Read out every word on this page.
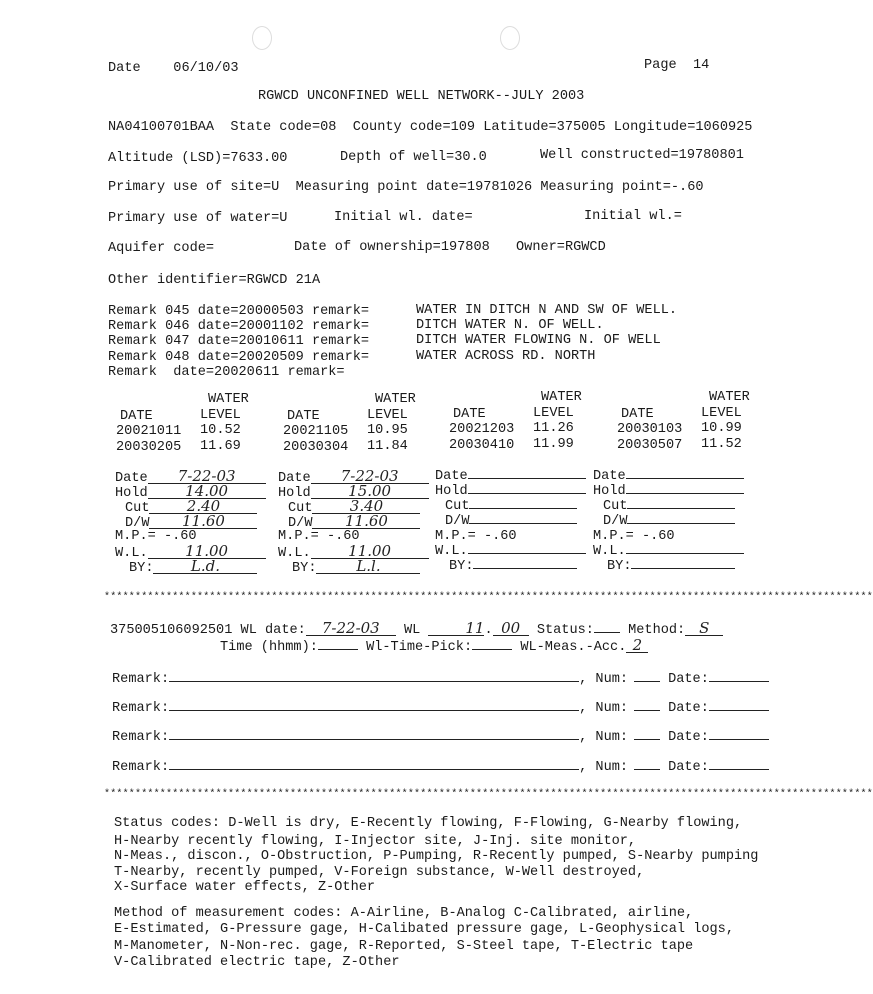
Date 06/10/03	Page 14
RGWCD UNCONFINED WELL NETWORK--JULY 2003
NA04100701BAA  State code=08  County code=109 Latitude=375005 Longitude=1060925
Altitude (LSD)=7633.00	Depth of well=30.0	Well constructed=19780801
Primary use of site=U  Measuring point date=19781026 Measuring point=-.60
Primary use of water=U	Initial wl. date=	Initial wl.=
Aquifer code=	Date of ownership=197808 Owner=RGWCD
Other identifier=RGWCD 21A
Remark 045 date=20000503 remark=	WATER IN DITCH N AND SW OF WELL.
Remark 046 date=20001102 remark=	DITCH WATER N. OF WELL.
Remark 047 date=20010611 remark=	DITCH WATER FLOWING N. OF WELL
Remark 048 date=20020509 remark=	WATER ACROSS RD. NORTH
Remark  date=20020611 remark=
WATER
DATE	LEVEL
20021011 10.52
20030205 11.69
WATER
DATE	LEVEL
20021105 10.95
20030304 11.84
WATER
DATE	LEVEL
20021203 11.26
20030410 11.99
WATER
DATE	LEVEL
20030103 10.99
20030507 11.52
Date 7-22-03
Hold	14.00
Cut 2.40
D/W 11.60
M.P.= -.60
W.L.	11.00
BY: L.d.
Date 7-22-03
Hold	15.00
Cut 3.40
D/W 11.60
M.P.= -.60
W.L.	11.00
BY:	L.l.
Date
Hold
Cut
D/W
M.P.= -.60
W.L.
BY:
Date
Hold
Cut
D/W
M.P.= -.60
W.L.
BY:
****************************************************************************************************************************
375005106092501 WL date: 7-22-03 WL	11. 00 Status:	Method: S
Time (hhmm):	Wl-Time-Pick:	WL-Meas.-Acc. 2
Remark:	, Num:	Date:
Remark:	, Num:	Date:
Remark:	, Num:	Date:
Remark:	, Num:	Date:
****************************************************************************************************************************
Status codes: D-Well is dry, E-Recently flowing, F-Flowing, G-Nearby flowing,
H-Nearby recently flowing, I-Injector site, J-Inj. site monitor,
N-Meas., discon., O-Obstruction, P-Pumping, R-Recently pumped, S-Nearby pumping
T-Nearby, recently pumped, V-Foreign substance, W-Well destroyed,
X-Surface water effects, Z-Other
Method of measurement codes: A-Airline, B-Analog C-Calibrated, airline,
E-Estimated, G-Pressure gage, H-Calibated pressure gage, L-Geophysical logs,
M-Manometer, N-Non-rec. gage, R-Reported, S-Steel tape, T-Electric tape
V-Calibrated electric tape, Z-Other
